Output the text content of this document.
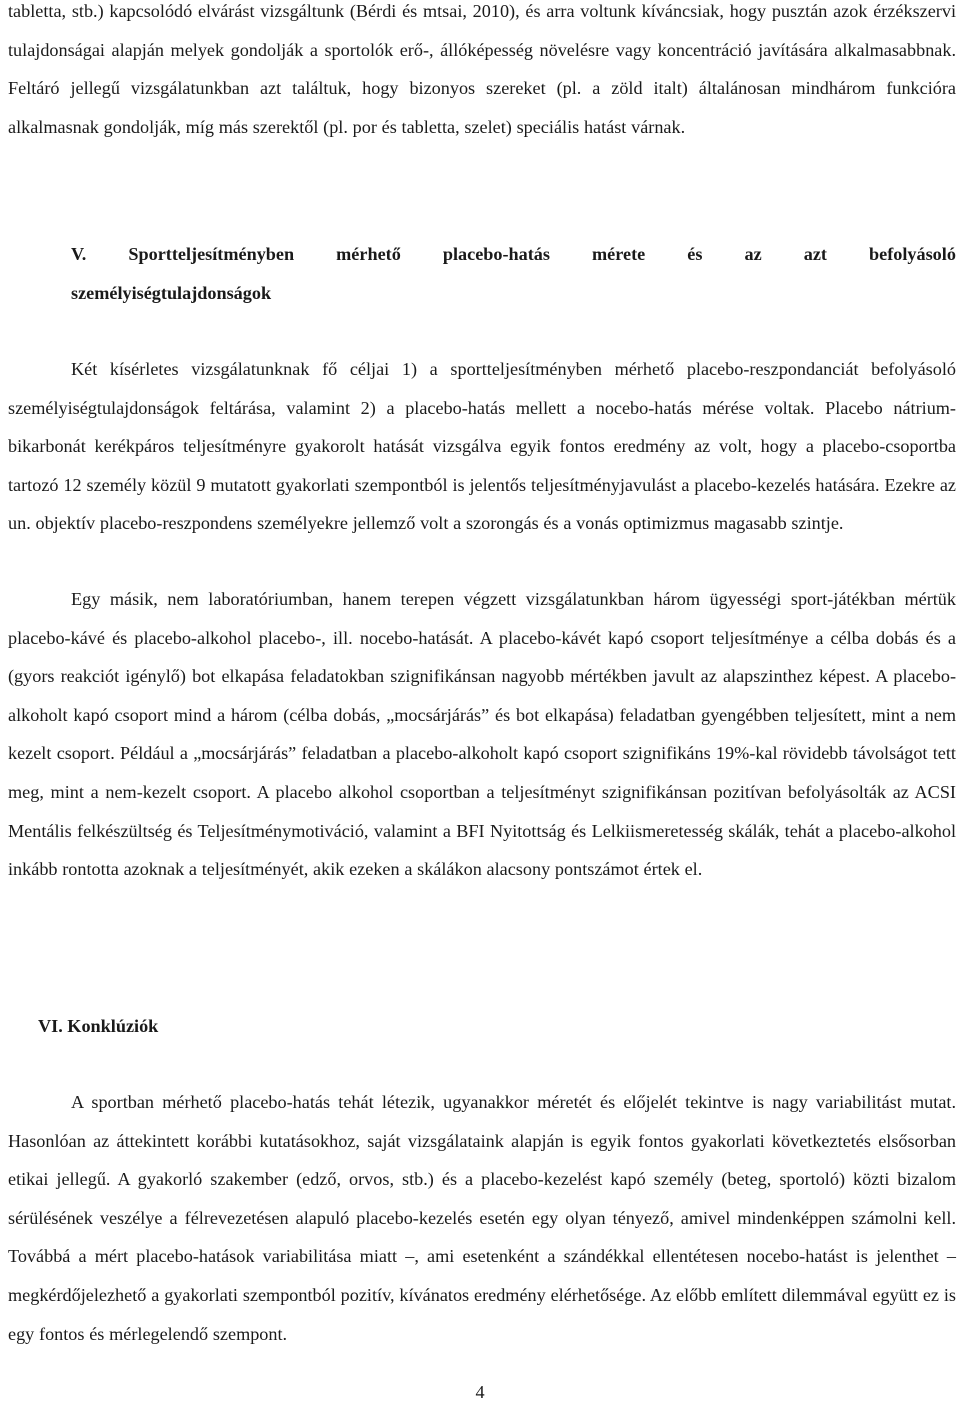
tabletta, stb.) kapcsolódó elvárást vizsgáltunk (Bérdi és mtsai, 2010), és arra voltunk kíváncsiak, hogy pusztán azok érzékszervi tulajdonságai alapján melyek gondolják a sportolók erő-, állóképesség növelésre vagy koncentráció javítására alkalmasabbnak. Feltáró jellegű vizsgálatunkban azt találtuk, hogy bizonyos szereket (pl. a zöld italt) általánosan mindhárom funkcióra alkalmasnak gondolják, míg más szerektől (pl. por és tabletta, szelet) speciális hatást várnak.

V. Sportteljesítményben mérhető placebo-hatás mérete és az azt befolyásoló
személyiségtulajdonságok

Két kísérletes vizsgálatunknak fő céljai 1) a sportteljesítményben mérhető placebo-reszpondanciát befolyásoló személyiségtulajdonságok feltárása, valamint 2) a placebo-hatás mellett a nocebo-hatás mérése voltak. Placebo nátrium-bikarbonát kerékpáros teljesítményre gyakorolt hatását vizsgálva egyik fontos eredmény az volt, hogy a placebo-csoportba tartozó 12 személy közül 9 mutatott gyakorlati szempontból is jelentős teljesítményjavulást a placebo-kezelés hatására. Ezekre az un. objektív placebo-reszpondens személyekre jellemző volt a szorongás és a vonás optimizmus magasabb szintje.

Egy másik, nem laboratóriumban, hanem terepen végzett vizsgálatunkban három ügyességi sport-játékban mértük placebo-kávé és placebo-alkohol placebo-, ill. nocebo-hatását. A placebo-kávét kapó csoport teljesítménye a célba dobás és a (gyors reakciót igénylő) bot elkapása feladatokban szignifikánsan nagyobb mértékben javult az alapszinthez képest. A placebo-alkoholt kapó csoport mind a három (célba dobás, „mocsárjárás” és bot elkapása) feladatban gyengébben teljesített, mint a nem kezelt csoport. Például a „mocsárjárás” feladatban a placebo-alkoholt kapó csoport szignifikáns 19%-kal rövidebb távolságot tett meg, mint a nem-kezelt csoport. A placebo alkohol csoportban a teljesítményt szignifikánsan pozitívan befolyásolták az ACSI Mentális felkészültség és Teljesítménymotiváció, valamint a BFI Nyitottság és Lelkiismeretesség skálák, tehát a placebo-alkohol inkább rontotta azoknak a teljesítményét, akik ezeken a skálákon alacsony pontszámot értek el.

VI. Konklúziók

A sportban mérhető placebo-hatás tehát létezik, ugyanakkor méretét és előjelét tekintve is nagy variabilitást mutat. Hasonlóan az áttekintett korábbi kutatásokhoz, saját vizsgálataink alapján is egyik fontos gyakorlati következtetés elsősorban etikai jellegű. A gyakorló szakember (edző, orvos, stb.) és a placebo-kezelést kapó személy (beteg, sportoló) közti bizalom sérülésének veszélye a félrevezetésen alapuló placebo-kezelés esetén egy olyan tényező, amivel mindenképpen számolni kell. Továbbá a mért placebo-hatások variabilitása miatt –, ami esetenként a szándékkal ellentétesen nocebo-hatást is jelenthet – megkérdőjelezhető a gyakorlati szempontból pozitív, kívánatos eredmény elérhetősége. Az előbb említett dilemmával együtt ez is egy fontos és mérlegelendő szempont.

4
